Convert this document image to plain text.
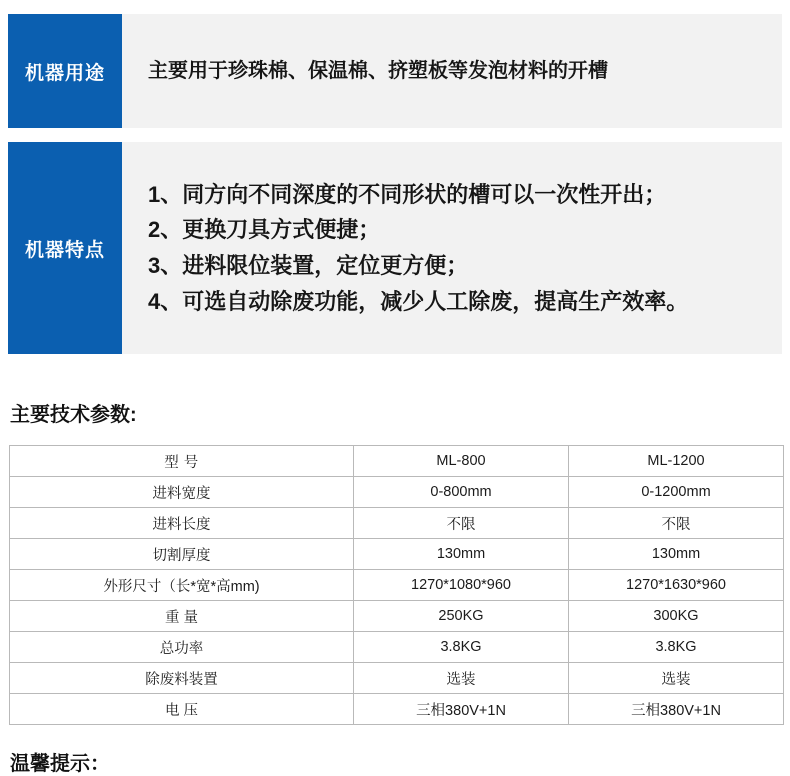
机器用途	主要用于珍珠棉、保温棉、挤塑板等发泡材料的开槽
机器特点
1、同方向不同深度的不同形状的槽可以一次性开出；
2、更换刀具方式便捷；
3、进料限位装置，定位更方便；
4、可选自动除废功能，减少人工除废，提高生产效率。
主要技术参数:
型 号	ML-800	ML-1200
进料宽度	0-800mm	0-1200mm
进料长度	不限	不限
切割厚度	130mm	130mm
外形尺寸（长*宽*高mm)	1270*1080*960	1270*1630*960
重 量	250KG	300KG
总功率	3.8KG	3.8KG
除废料装置	选装	选装
电 压	三相380V+1N	三相380V+1N
温馨提示：
